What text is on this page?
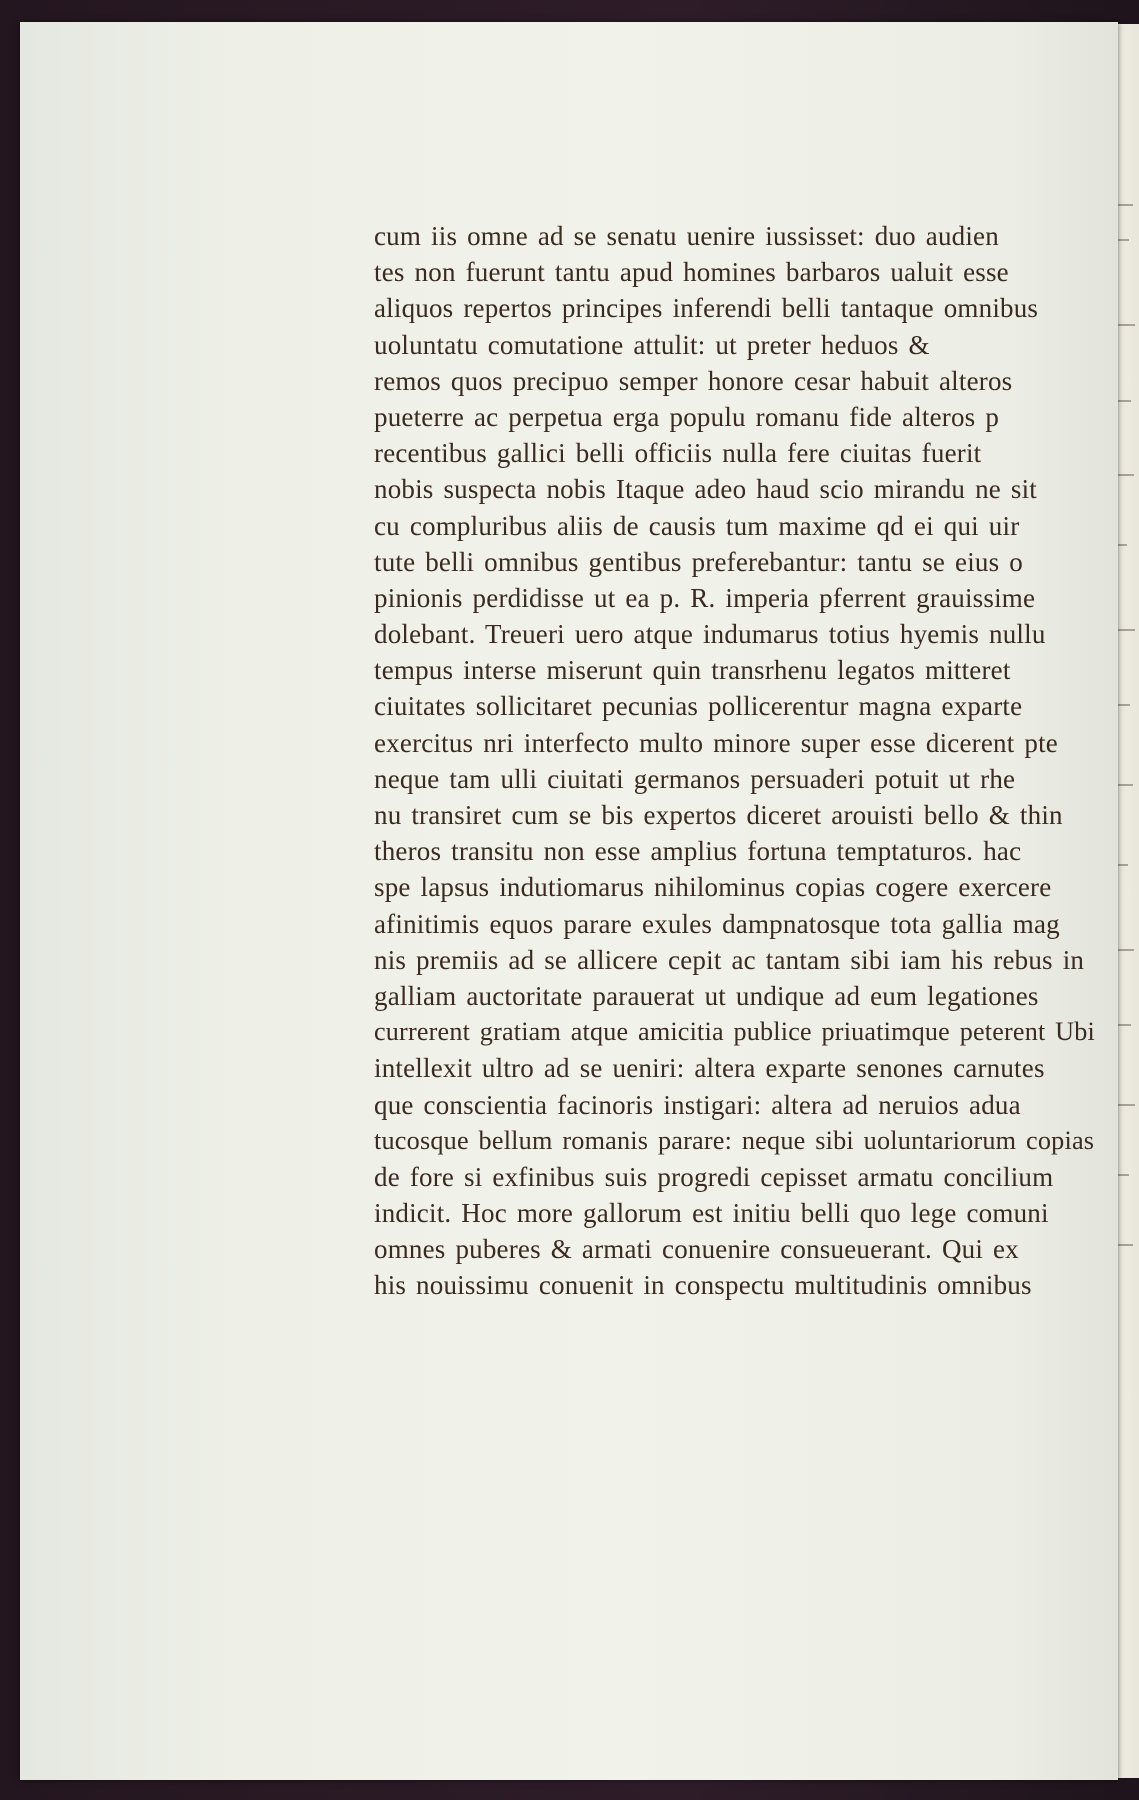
cum iis omne ad se senatu uenire iussisset: duo audien
tes non fuerunt tantu apud homines barbaros ualuit esse
aliquos repertos principes inferendi belli tantaque omnibus
uoluntatu comutatione attulit: ut preter heduos &
remos quos precipuo semper honore cesar habuit alteros
pueterre ac perpetua erga populu romanu fide alteros p
recentibus gallici belli officiis nulla fere ciuitas fuerit
nobis suspecta nobis Itaque adeo haud scio mirandu ne sit
cu compluribus aliis de causis tum maxime qd ei qui uir
tute belli omnibus gentibus preferebantur: tantu se eius o
pinionis perdidisse ut ea p. R. imperia pferrent grauissime
dolebant. Treueri uero atque indumarus totius hyemis nullu
tempus interse miserunt quin transrhenu legatos mitteret
ciuitates sollicitaret pecunias pollicerentur magna exparte
exercitus nri interfecto multo minore super esse dicerent pte
neque tam ulli ciuitati germanos persuaderi potuit ut rhe
nu transiret cum se bis expertos diceret arouisti bello & thin
theros transitu non esse amplius fortuna temptaturos. hac
spe lapsus indutiomarus nihilominus copias cogere exercere
afinitimis equos parare exules dampnatosque tota gallia mag
nis premiis ad se allicere cepit ac tantam sibi iam his rebus in
galliam auctoritate parauerat ut undique ad eum legationes
currerent gratiam atque amicitia publice priuatimque peterent Ubi
intellexit ultro ad se ueniri: altera exparte senones carnutes
que conscientia facinoris instigari: altera ad neruios adua
tucosque bellum romanis parare: neque sibi uoluntariorum copias
de fore si exfinibus suis progredi cepisset armatu concilium
indicit. Hoc more gallorum est initiu belli quo lege comuni
omnes puberes & armati conuenire consueuerant. Qui ex
his nouissimu conuenit in conspectu multitudinis omnibus
